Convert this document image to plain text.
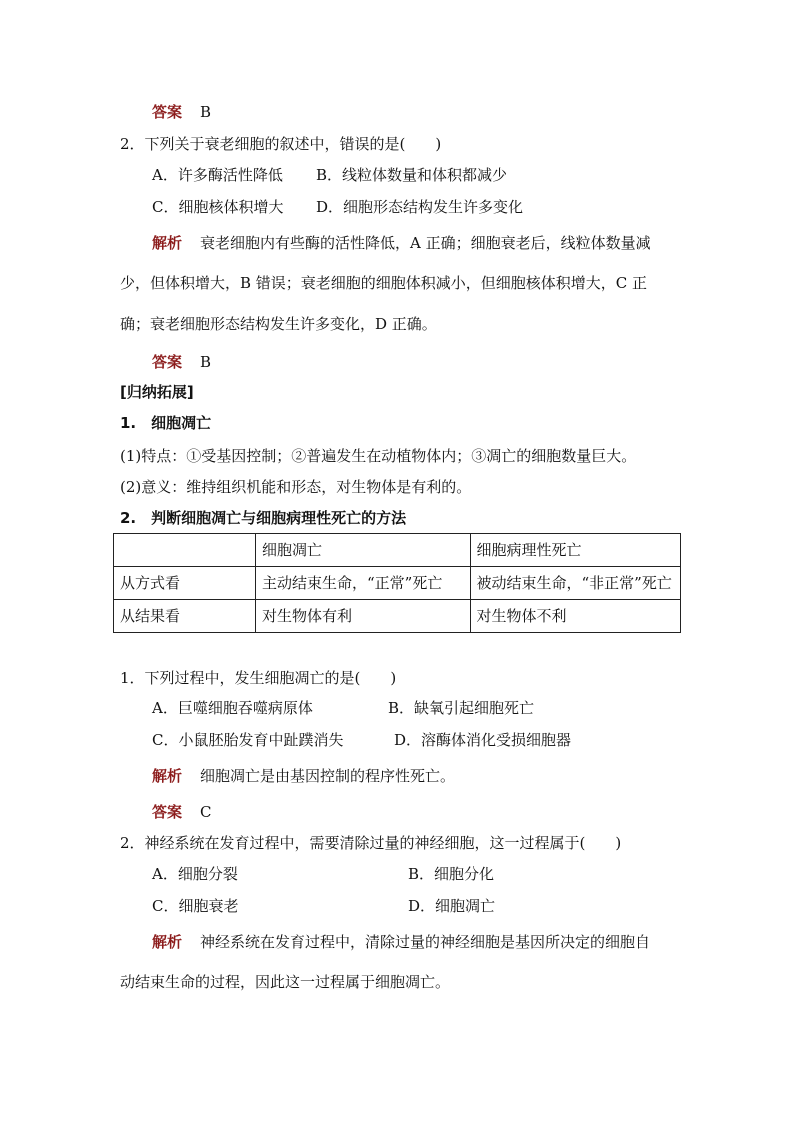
答案 B
2．下列关于衰老细胞的叙述中，错误的是(　　)
A．许多酶活性降低 B．线粒体数量和体积都减少
C．细胞核体积增大 D．细胞形态结构发生许多变化
解析 衰老细胞内有些酶的活性降低，A 正确；细胞衰老后，线粒体数量减
少，但体积增大，B 错误；衰老细胞的细胞体积减小，但细胞核体积增大，C 正
确；衰老细胞形态结构发生许多变化，D 正确。
答案 B
[归纳拓展]
1.　细胞凋亡
(1)特点：①受基因控制；②普遍发生在动植物体内；③凋亡的细胞数量巨大。
(2)意义：维持组织机能和形态，对生物体是有利的。
2.　判断细胞凋亡与细胞病理性死亡的方法
	细胞凋亡	细胞病理性死亡
从方式看	主动结束生命，“正常”死亡	被动结束生命，“非正常”死亡
从结果看	对生物体有利	对生物体不利
1．下列过程中，发生细胞凋亡的是(　　)
A．巨噬细胞吞噬病原体	B．缺氧引起细胞死亡
C．小鼠胚胎发育中趾蹼消失	D．溶酶体消化受损细胞器
解析 细胞凋亡是由基因控制的程序性死亡。
答案 C
2．神经系统在发育过程中，需要清除过量的神经细胞，这一过程属于(　　)
A．细胞分裂	B．细胞分化
C．细胞衰老	D．细胞凋亡
解析 神经系统在发育过程中，清除过量的神经细胞是基因所决定的细胞自
动结束生命的过程，因此这一过程属于细胞凋亡。
